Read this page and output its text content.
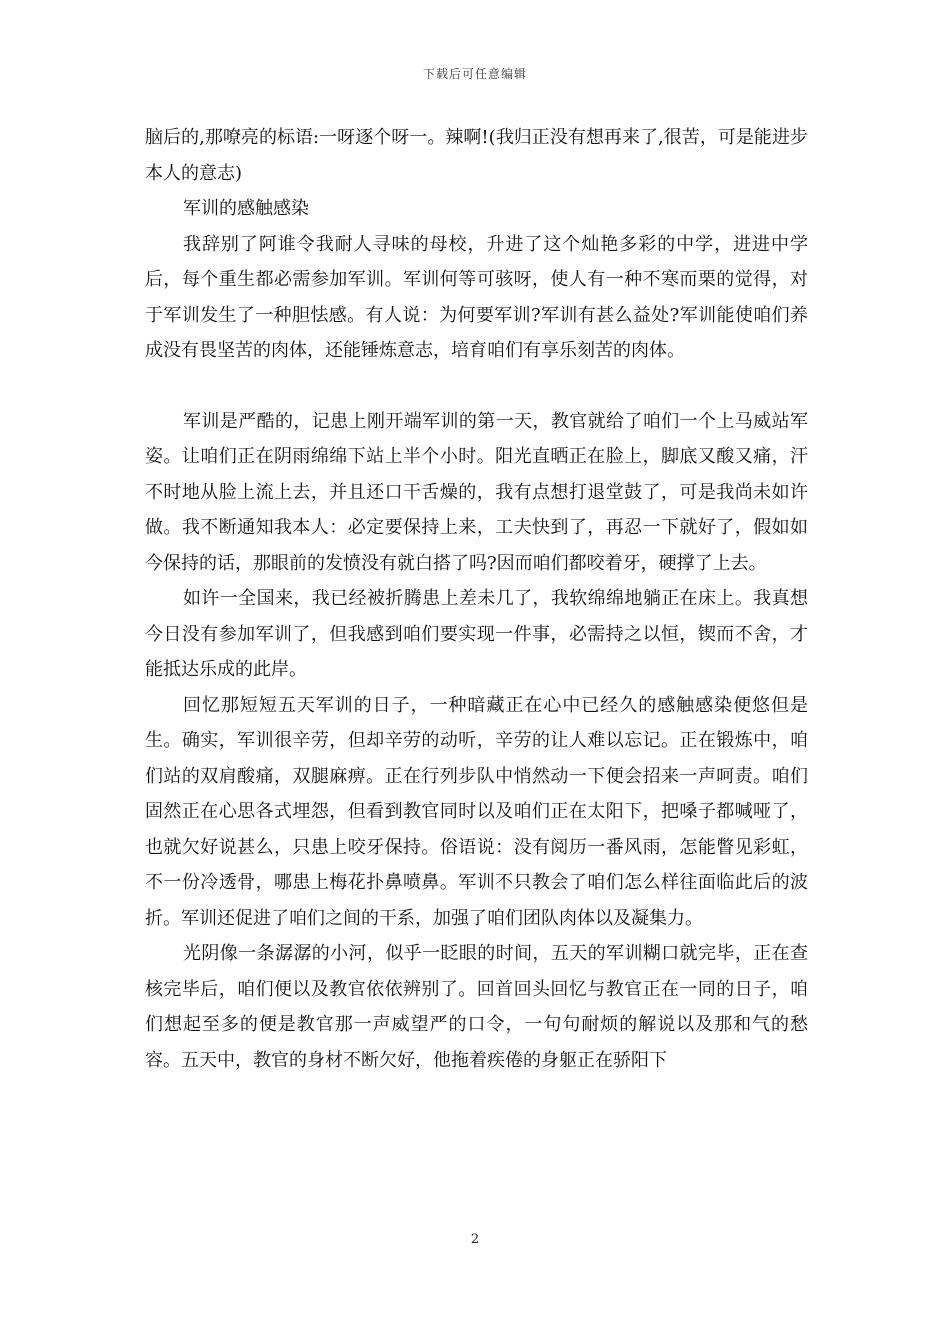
下载后可任意编辑

脑后的,那嘹亮的标语:一呀逐个呀一。辣啊!(我归正没有想再来了,很苦，可是能进步本人的意志)

军训的感触感染

我辞别了阿谁令我耐人寻味的母校，升进了这个灿艳多彩的中学，进进中学后，每个重生都必需参加军训。军训何等可骇呀，使人有一种不寒而栗的觉得，对于军训发生了一种胆怯感。有人说：为何要军训?军训有甚么益处?军训能使咱们养成没有畏坚苦的肉体，还能锤炼意志，培育咱们有享乐刻苦的肉体。

军训是严酷的，记患上刚开端军训的第一天，教官就给了咱们一个上马威站军姿。让咱们正在阴雨绵绵下站上半个小时。阳光直晒正在脸上，脚底又酸又痛，汗不时地从脸上流上去，并且还口干舌燥的，我有点想打退堂鼓了，可是我尚未如许做。我不断通知我本人：必定要保持上来，工夫快到了，再忍一下就好了，假如如今保持的话，那眼前的发愤没有就白搭了吗?因而咱们都咬着牙，硬撑了上去。

如许一全国来，我已经被折腾患上差未几了，我软绵绵地躺正在床上。我真想今日没有参加军训了，但我感到咱们要实现一件事，必需持之以恒，锲而不舍，才能抵达乐成的此岸。

回忆那短短五天军训的日子，一种暗藏正在心中已经久的感触感染便悠但是生。确实，军训很辛劳，但却辛劳的动听，辛劳的让人难以忘记。正在锻炼中，咱们站的双肩酸痛，双腿麻痹。正在行列步队中悄然动一下便会招来一声呵责。咱们固然正在心思各式埋怨，但看到教官同时以及咱们正在太阳下，把嗓子都喊哑了，也就欠好说甚么，只患上咬牙保持。俗语说：没有阅历一番风雨，怎能瞥见彩虹，不一份冷透骨，哪患上梅花扑鼻喷鼻。军训不只教会了咱们怎么样往面临此后的波折。军训还促进了咱们之间的干系，加强了咱们团队肉体以及凝集力。

光阴像一条潺潺的小河，似乎一眨眼的时间，五天的军训糊口就完毕，正在查核完毕后，咱们便以及教官依依辨别了。回首回头回忆与教官正在一同的日子，咱们想起至多的便是教官那一声威望严的口令，一句句耐烦的解说以及那和气的愁容。五天中，教官的身材不断欠好，他拖着疾倦的身躯正在骄阳下

2
